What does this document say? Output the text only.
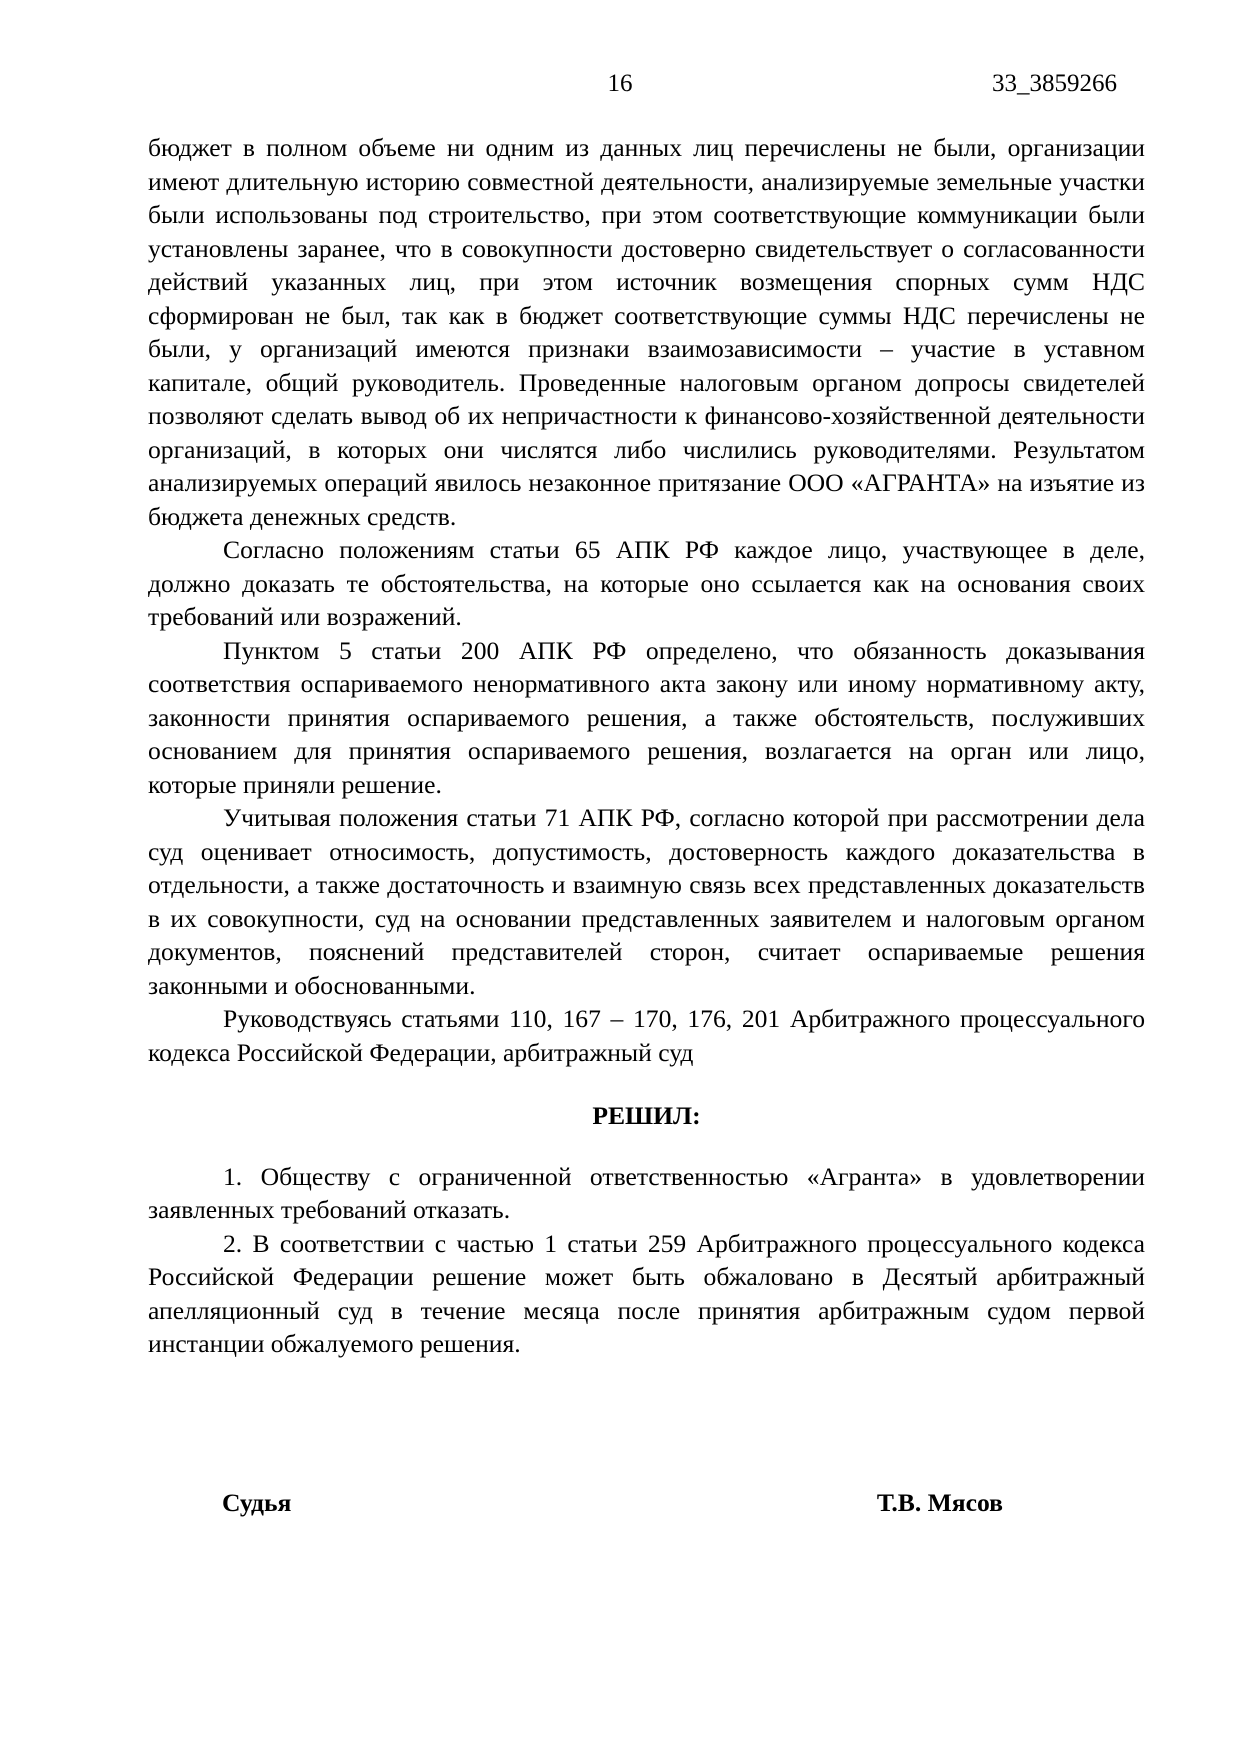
16	33_3859266

бюджет в полном объеме ни одним из данных лиц перечислены не были, организации имеют длительную историю совместной деятельности, анализируемые земельные участки были использованы под строительство, при этом соответствующие коммуникации были установлены заранее, что в совокупности достоверно свидетельствует о согласованности действий указанных лиц, при этом источник возмещения спорных сумм НДС сформирован не был, так как в бюджет соответствующие суммы НДС перечислены не были, у организаций имеются признаки взаимозависимости – участие в уставном капитале, общий руководитель. Проведенные налоговым органом допросы свидетелей позволяют сделать вывод об их непричастности к финансово-хозяйственной деятельности организаций, в которых они числятся либо числились руководителями. Результатом анализируемых операций явилось незаконное притязание ООО «АГРАНТА» на изъятие из бюджета денежных средств.

Согласно положениям статьи 65 АПК РФ каждое лицо, участвующее в деле, должно доказать те обстоятельства, на которые оно ссылается как на основания своих требований или возражений.

Пунктом 5 статьи 200 АПК РФ определено, что обязанность доказывания соответствия оспариваемого ненормативного акта закону или иному нормативному акту, законности принятия оспариваемого решения, а также обстоятельств, послуживших основанием для принятия оспариваемого решения, возлагается на орган или лицо, которые приняли решение.

Учитывая положения статьи 71 АПК РФ, согласно которой при рассмотрении дела суд оценивает относимость, допустимость, достоверность каждого доказательства в отдельности, а также достаточность и взаимную связь всех представленных доказательств в их совокупности, суд на основании представленных заявителем и налоговым органом документов, пояснений представителей сторон, считает оспариваемые решения законными и обоснованными.

Руководствуясь статьями 110, 167 – 170, 176, 201 Арбитражного процессуального кодекса Российской Федерации, арбитражный суд

РЕШИЛ:

1. Обществу с ограниченной ответственностью «Агранта» в удовлетворении заявленных требований отказать.

2. В соответствии с частью 1 статьи 259 Арбитражного процессуального кодекса Российской Федерации решение может быть обжаловано в Десятый арбитражный апелляционный суд в течение месяца после принятия арбитражным судом первой инстанции обжалуемого решения.

Судья	Т.В. Мясов
